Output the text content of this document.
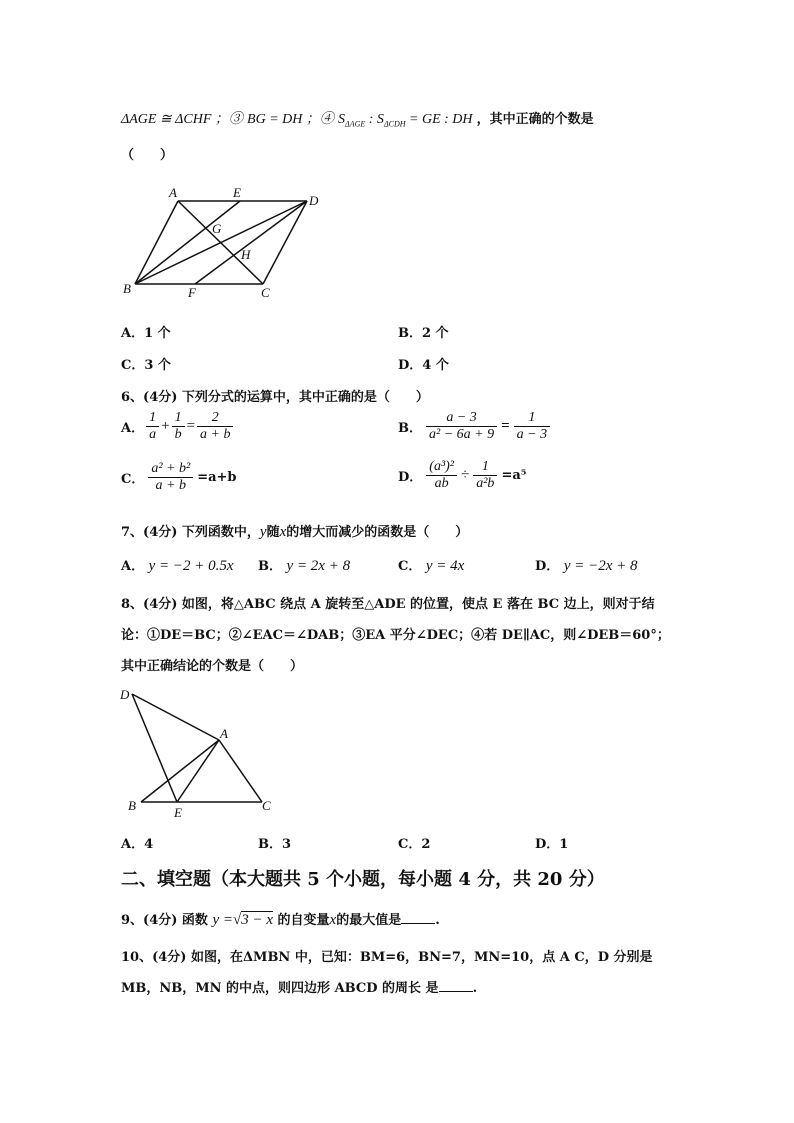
ΔAGE ≅ ΔCHF ；③ BG = DH ；④ $S_{\Delta AGE}$ : $S_{\Delta CDH}$ = GE : DH ，其中正确的个数是
（　　）
A	E
D
G
H
B	F	C
A．1 个	B．2 个
C．3 个	D．4 个
6、(4分) 下列分式的运算中，其中正确的是（　　）
A． $\frac{1}{a} + \frac{1}{b} = \frac{2}{a + b}$	B． $\frac{a - 3}{\text{a² − 6a + 9}} = \frac{1}{a - 3}$
C． $\frac{\text{a² + b²}}{a + b} =a+b$	D． $\frac{\text{(a³)²}}{ab} \div \frac{1}{\text{a²b}} =a^5$
7、(4分) 下列函数中，y随x的增大而减少的函数是（　　）
A． y = −2 + 0.5x B． y = 2x + 8	C． y = 4x	D． y = −2x + 8
8、(4分) 如图，将△ABC 绕点 A 旋转至△ADE 的位置，使点 E 落在 BC 边上，则对于结
论：①DE＝BC；②∠EAC＝∠DAB；③EA 平分∠DEC；④若 DE∥AC，则∠DEB＝60°；
其中正确结论的个数是（　　）
D
A
B	E	C
A．4	B．3	C．2	D．1
二、填空题（本大题共 5 个小题，每小题 4 分，共 20 分）
9、(4分) 函数 y =√3 − x 的自变量x的最大值是	.
10、(4分) 如图，在ΔMBN 中，已知：BM=6，BN=7，MN=10，点 A C，D 分别是
MB，NB，MN 的中点，则四边形 ABCD 的周长 是	.
